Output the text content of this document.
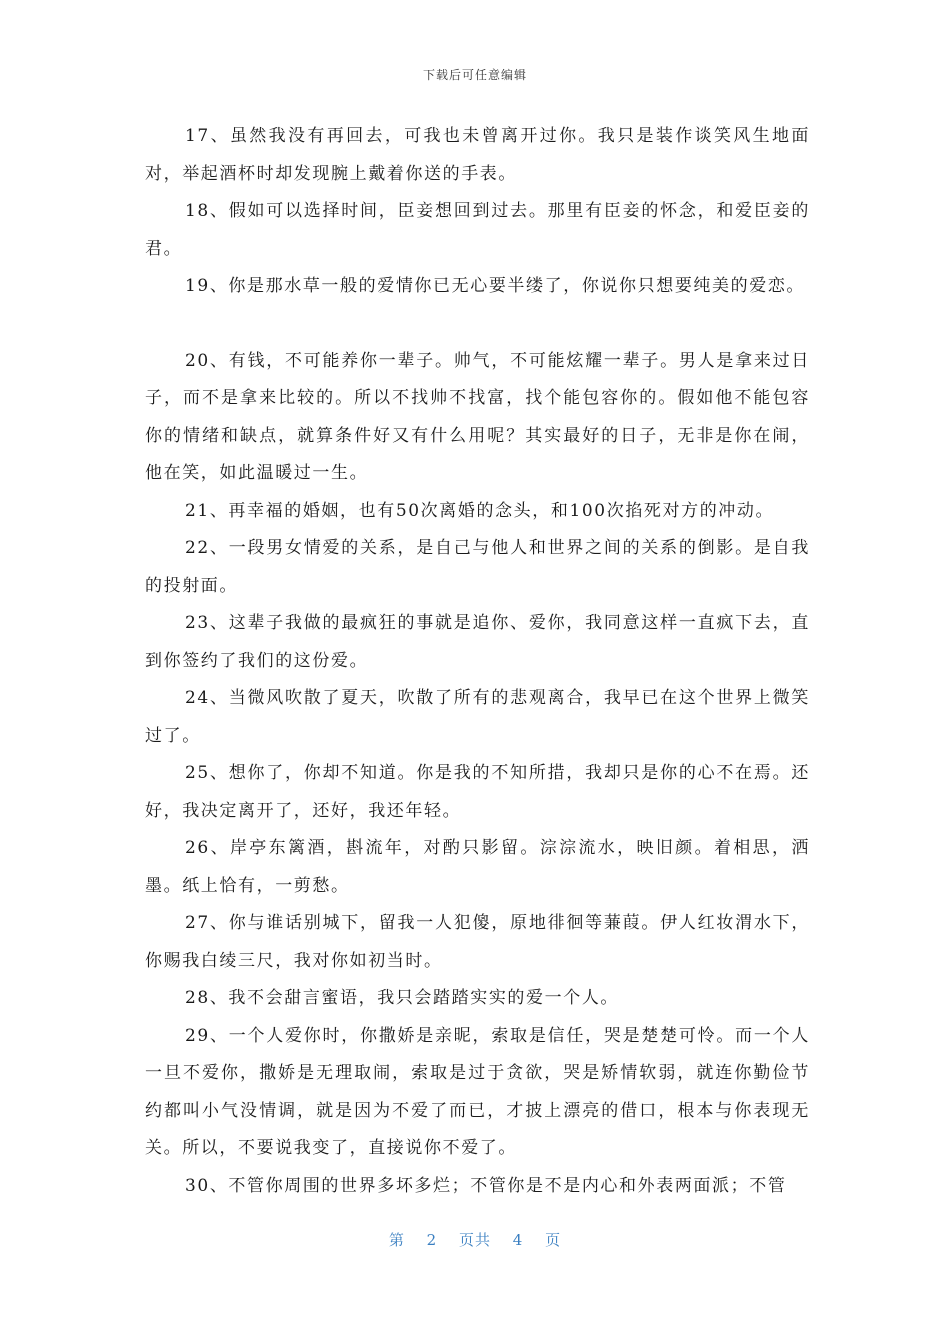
下载后可任意编辑

17、虽然我没有再回去，可我也未曾离开过你。我只是装作谈笑风生地面对，举起酒杯时却发现腕上戴着你送的手表。

18、假如可以选择时间，臣妾想回到过去。那里有臣妾的怀念，和爱臣妾的君。

19、你是那水草一般的爱情你已无心要半缕了，你说你只想要纯美的爱恋。

20、有钱，不可能养你一辈子。帅气，不可能炫耀一辈子。男人是拿来过日子，而不是拿来比较的。所以不找帅不找富，找个能包容你的。假如他不能包容你的情绪和缺点，就算条件好又有什么用呢？其实最好的日子，无非是你在闹，他在笑，如此温暖过一生。

21、再幸福的婚姻，也有50次离婚的念头，和100次掐死对方的冲动。

22、一段男女情爱的关系，是自己与他人和世界之间的关系的倒影。是自我的投射面。

23、这辈子我做的最疯狂的事就是追你、爱你，我同意这样一直疯下去，直到你签约了我们的这份爱。

24、当微风吹散了夏天，吹散了所有的悲观离合，我早已在这个世界上微笑过了。

25、想你了，你却不知道。你是我的不知所措，我却只是你的心不在焉。还好，我决定离开了，还好，我还年轻。

26、岸亭东篱酒，斟流年，对酌只影留。淙淙流水，映旧颜。着相思，洒墨。纸上恰有，一剪愁。

27、你与谁话别城下，留我一人犯傻，原地徘徊等蒹葭。伊人红妆渭水下，你赐我白绫三尺，我对你如初当时。

28、我不会甜言蜜语，我只会踏踏实实的爱一个人。

29、一个人爱你时，你撒娇是亲昵，索取是信任，哭是楚楚可怜。而一个人一旦不爱你，撒娇是无理取闹，索取是过于贪欲，哭是矫情软弱，就连你勤俭节约都叫小气没情调，就是因为不爱了而已，才披上漂亮的借口，根本与你表现无关。所以，不要说我变了，直接说你不爱了。

30、不管你周围的世界多坏多烂；不管你是不是内心和外表两面派；不管

第 2 页共 4 页
